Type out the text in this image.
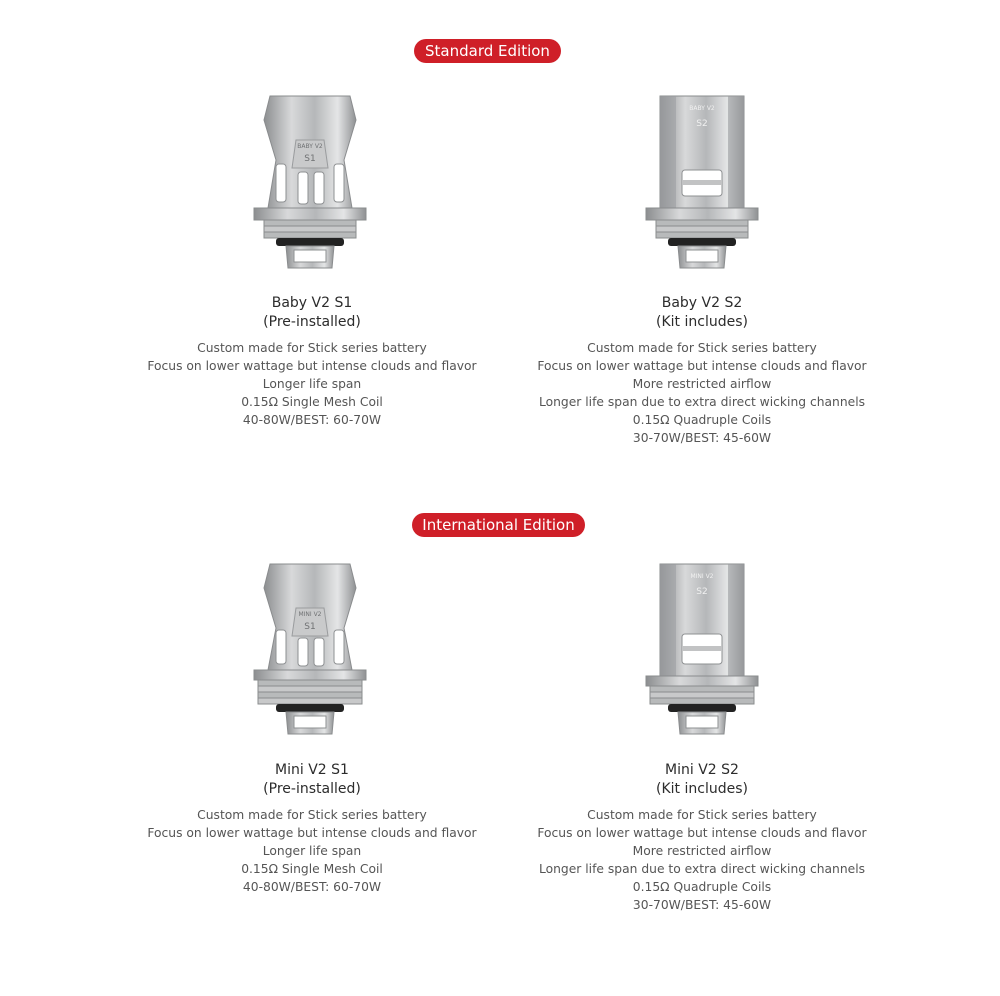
Standard Edition
BABY V2
S1
Baby V2 S1
(Pre-installed)
Custom made for Stick series battery
Focus on lower wattage but intense clouds and flavor
Longer life span
0.15Ω Single Mesh Coil
40-80W/BEST: 60-70W
BABY V2
S2
Baby V2 S2
(Kit includes)
Custom made for Stick series battery
Focus on lower wattage but intense clouds and flavor
More restricted airflow
Longer life span due to extra direct wicking channels
0.15Ω Quadruple Coils
30-70W/BEST: 45-60W
International Edition
MINI V2
S1
Mini V2 S1
(Pre-installed)
Custom made for Stick series battery
Focus on lower wattage but intense clouds and flavor
Longer life span
0.15Ω Single Mesh Coil
40-80W/BEST: 60-70W
MINI V2
S2
Mini V2 S2
(Kit includes)
Custom made for Stick series battery
Focus on lower wattage but intense clouds and flavor
More restricted airflow
Longer life span due to extra direct wicking channels
0.15Ω Quadruple Coils
30-70W/BEST: 45-60W
